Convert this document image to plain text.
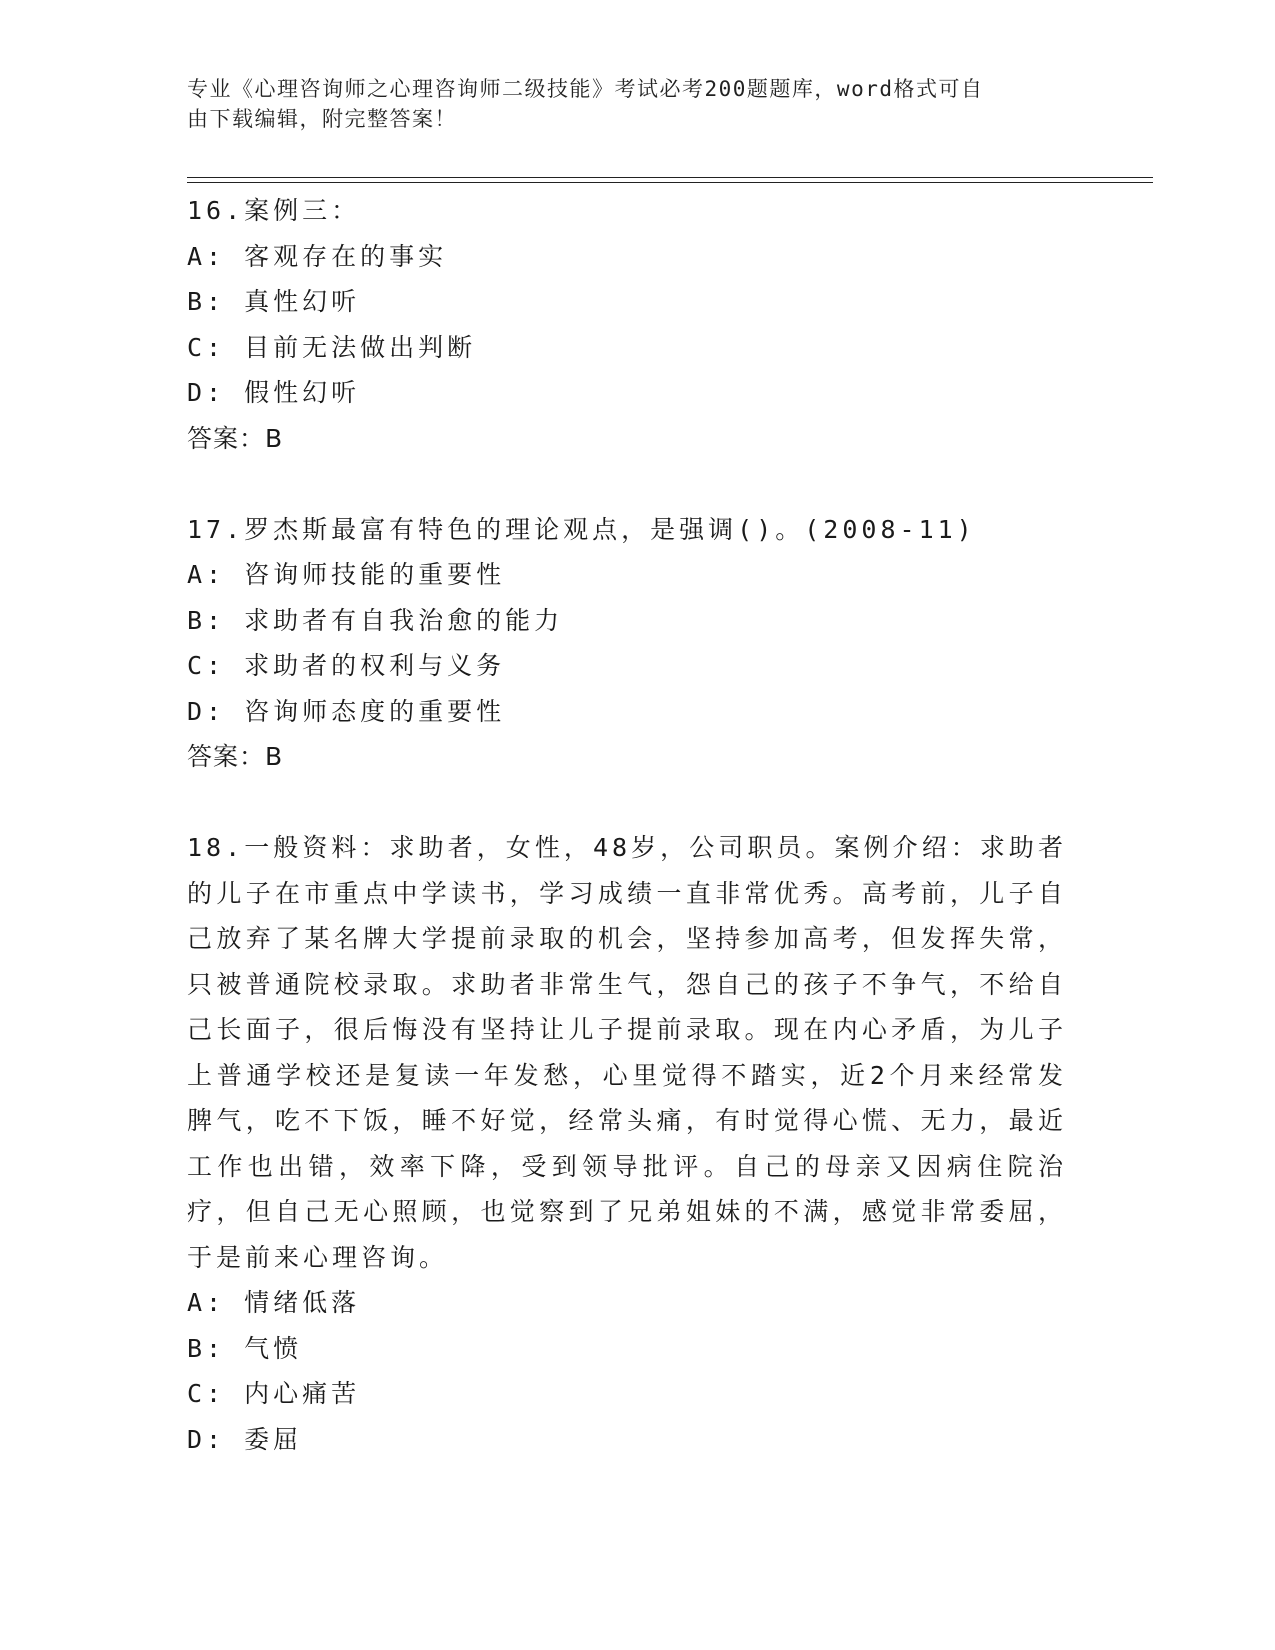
专业《心理咨询师之心理咨询师二级技能》考试必考200题题库，word格式可自
由下载编辑，附完整答案！
16.案例三：
A: 客观存在的事实
B: 真性幻听
C: 目前无法做出判断
D: 假性幻听
答案：B
17.罗杰斯最富有特色的理论观点，是强调()。(2008-11)
A: 咨询师技能的重要性
B: 求助者有自我治愈的能力
C: 求助者的权利与义务
D: 咨询师态度的重要性
答案：B
18.一般资料：求助者，女性，48岁，公司职员。案例介绍：求助者的儿子在市重点中学读书，学习成绩一直非常优秀。高考前，儿子自己放弃了某名牌大学提前录取的机会，坚持参加高考，但发挥失常，只被普通院校录取。求助者非常生气，怨自己的孩子不争气，不给自己长面子，很后悔没有坚持让儿子提前录取。现在内心矛盾，为儿子上普通学校还是复读一年发愁，心里觉得不踏实，近2个月来经常发脾气，吃不下饭，睡不好觉，经常头痛，有时觉得心慌、无力，最近工作也出错，效率下降，受到领导批评。自己的母亲又因病住院治疗，但自己无心照顾，也觉察到了兄弟姐妹的不满，感觉非常委屈，于是前来心理咨询。
A: 情绪低落
B: 气愤
C: 内心痛苦
D: 委屈
